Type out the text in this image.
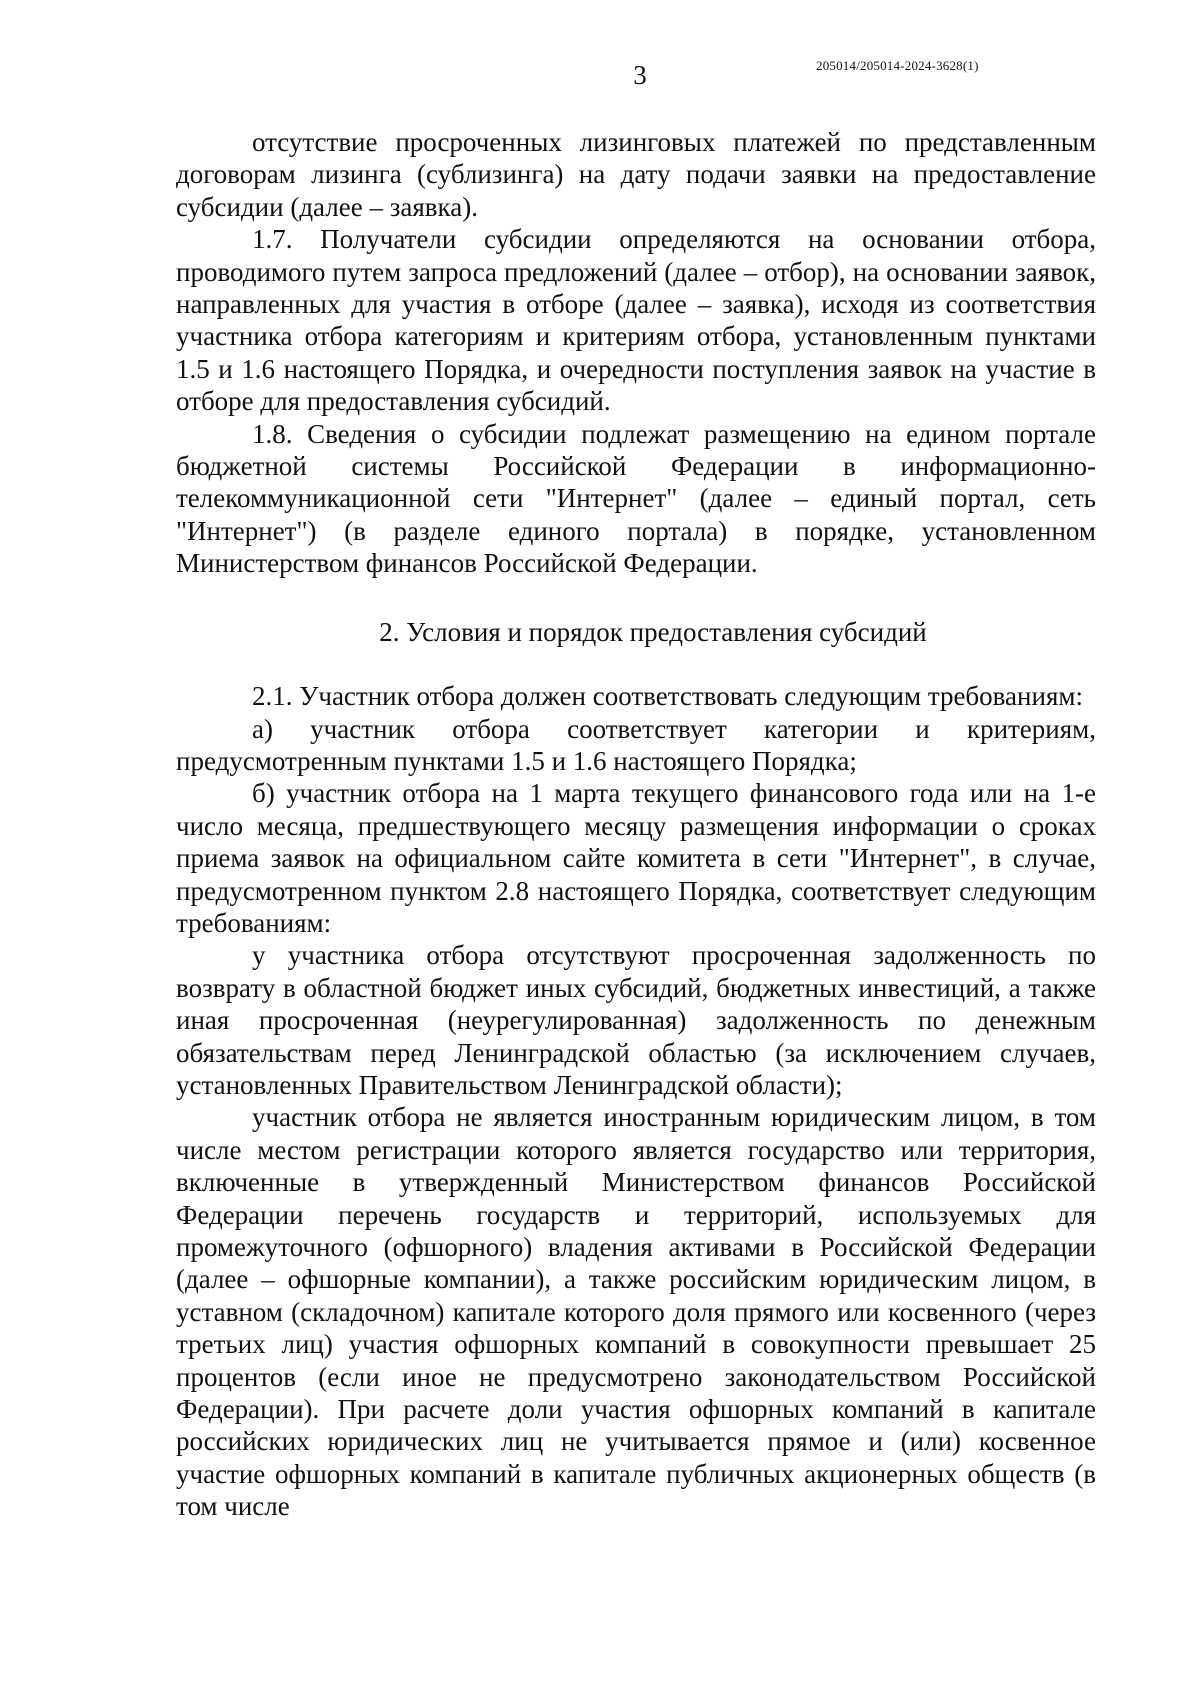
3	205014/205014-2024-3628(1)

отсутствие просроченных лизинговых платежей по представленным договорам лизинга (сублизинга) на дату подачи заявки на предоставление субсидии (далее – заявка).

1.7. Получатели субсидии определяются на основании отбора, проводимого путем запроса предложений (далее – отбор), на основании заявок, направленных для участия в отборе (далее – заявка), исходя из соответствия участника отбора категориям и критериям отбора, установленным пунктами 1.5 и 1.6 настоящего Порядка, и очередности поступления заявок на участие в отборе для предоставления субсидий.

1.8. Сведения о субсидии подлежат размещению на едином портале бюджетной системы Российской Федерации в информационно-телекоммуникационной сети "Интернет" (далее – единый портал, сеть "Интернет") (в разделе единого портала) в порядке, установленном Министерством финансов Российской Федерации.

2. Условия и порядок предоставления субсидий

2.1. Участник отбора должен соответствовать следующим требованиям:

а) участник отбора соответствует категории и критериям, предусмотренным пунктами 1.5 и 1.6 настоящего Порядка;

б) участник отбора на 1 марта текущего финансового года или на 1-е число месяца, предшествующего месяцу размещения информации о сроках приема заявок на официальном сайте комитета в сети "Интернет", в случае, предусмотренном пунктом 2.8 настоящего Порядка, соответствует следующим требованиям:

у участника отбора отсутствуют просроченная задолженность по возврату в областной бюджет иных субсидий, бюджетных инвестиций, а также иная просроченная (неурегулированная) задолженность по денежным обязательствам перед Ленинградской областью (за исключением случаев, установленных Правительством Ленинградской области);

участник отбора не является иностранным юридическим лицом, в том числе местом регистрации которого является государство или территория, включенные в утвержденный Министерством финансов Российской Федерации перечень государств и территорий, используемых для промежуточного (офшорного) владения активами в Российской Федерации (далее – офшорные компании), а также российским юридическим лицом, в уставном (складочном) капитале которого доля прямого или косвенного (через третьих лиц) участия офшорных компаний в совокупности превышает 25 процентов (если иное не предусмотрено законодательством Российской Федерации). При расчете доли участия офшорных компаний в капитале российских юридических лиц не учитывается прямое и (или) косвенное участие офшорных компаний в капитале публичных акционерных обществ (в том числе
